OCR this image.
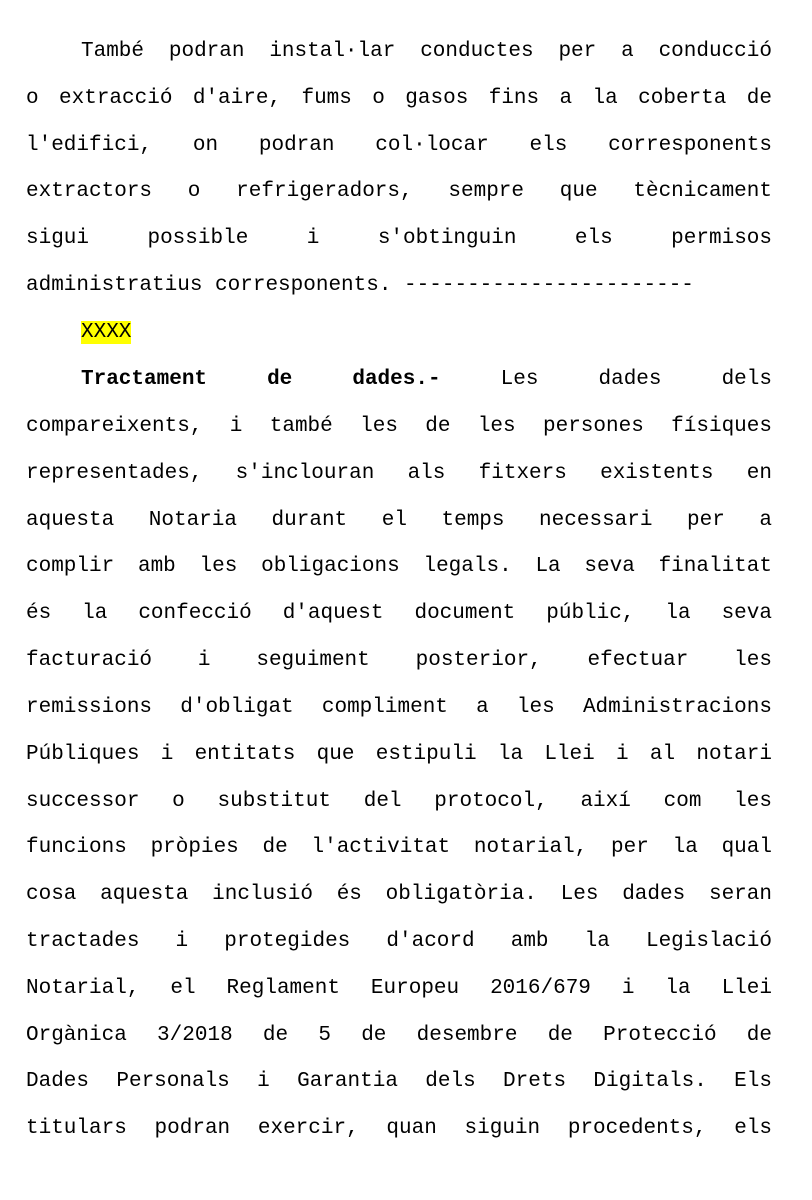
També podran instal·lar conductes per a conducció
o extracció d'aire, fums o gasos fins a la coberta de
l'edifici, on podran col·locar els corresponents
extractors o refrigeradors, sempre que tècnicament
sigui possible i s'obtinguin els permisos
administratius corresponents. -----------------------
XXXX
Tractament de dades.-	Les dades dels
compareixents, i també les de les persones físiques
representades, s'inclouran als fitxers existents en
aquesta Notaria durant el temps necessari per a
complir amb les obligacions legals. La seva finalitat
és la confecció d'aquest document públic, la seva
facturació i seguiment posterior, efectuar les
remissions d'obligat compliment a les Administracions
Públiques i entitats que estipuli la Llei i al notari
successor o substitut del protocol, així com les
funcions pròpies de l'activitat notarial, per la qual
cosa aquesta inclusió és obligatòria. Les dades seran
tractades i protegides d'acord amb la Legislació
Notarial, el Reglament Europeu 2016/679 i la Llei
Orgànica 3/2018 de 5 de desembre de Protecció de
Dades Personals i Garantia dels Drets Digitals. Els
titulars podran exercir, quan siguin procedents, els
